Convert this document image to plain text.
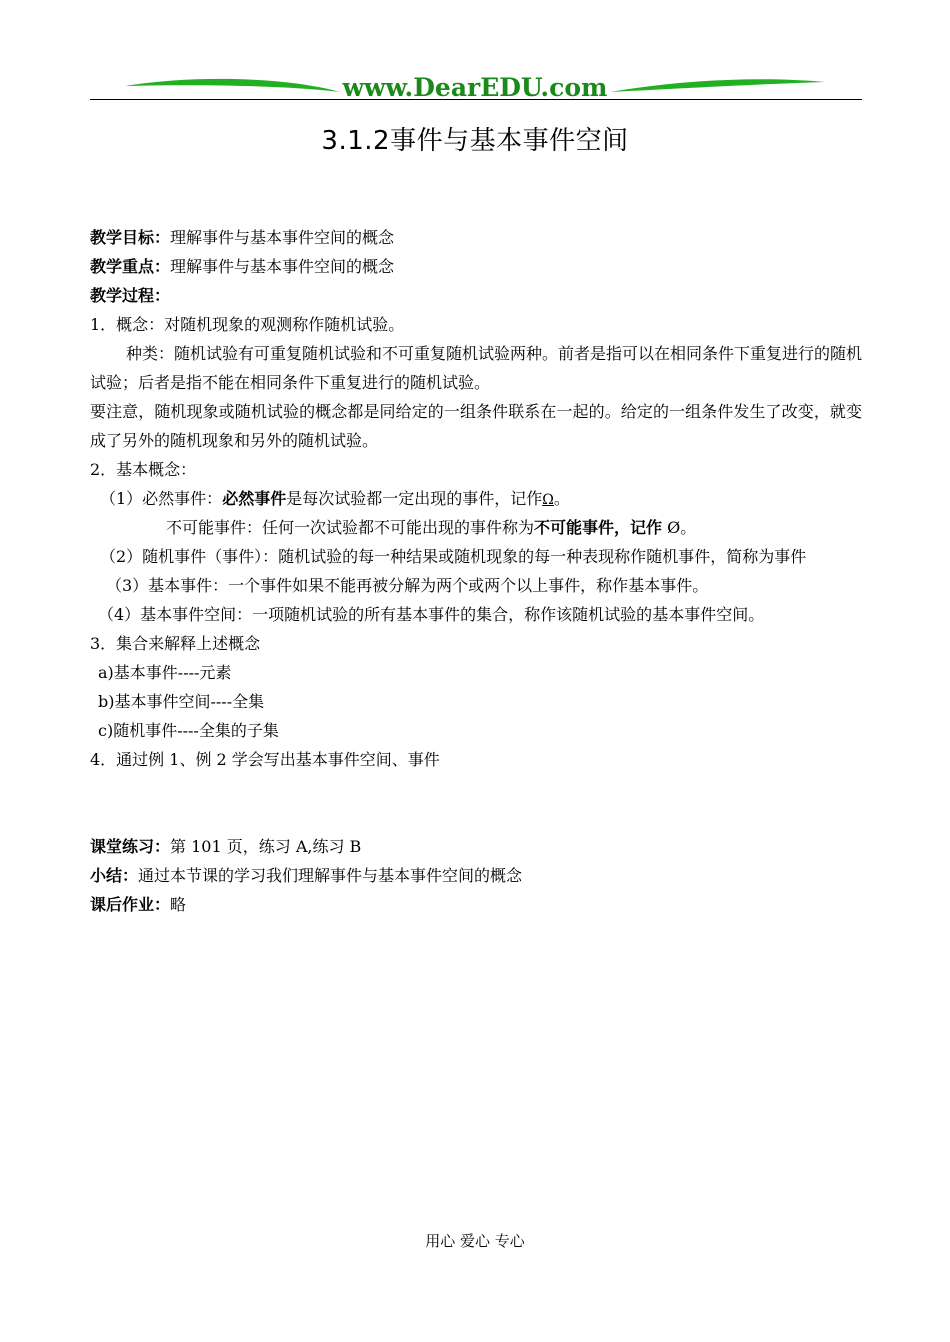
www.DearEDU.com
3.1.2事件与基本事件空间
教学目标：理解事件与基本事件空间的概念
教学重点：理解事件与基本事件空间的概念
教学过程：
1．概念：对随机现象的观测称作随机试验。
种类：随机试验有可重复随机试验和不可重复随机试验两种。前者是指可以在相同条件下重复进行的随机试验；后者是指不能在相同条件下重复进行的随机试验。
要注意，随机现象或随机试验的概念都是同给定的一组条件联系在一起的。给定的一组条件发生了改变，就变成了另外的随机现象和另外的随机试验。
2．基本概念：
（1）必然事件：必然事件是每次试验都一定出现的事件，记作Ω。
不可能事件：任何一次试验都不可能出现的事件称为不可能事件，记作 Ø。
（2）随机事件（事件）：随机试验的每一种结果或随机现象的每一种表现称作随机事件，简称为事件
（3）基本事件：一个事件如果不能再被分解为两个或两个以上事件，称作基本事件。
（4）基本事件空间：一项随机试验的所有基本事件的集合，称作该随机试验的基本事件空间。
3．集合来解释上述概念
a)基本事件----元素
b)基本事件空间----全集
c)随机事件----全集的子集
4．通过例 1、例 2 学会写出基本事件空间、事件
课堂练习：第 101 页，练习 A,练习 B
小结：通过本节课的学习我们理解事件与基本事件空间的概念
课后作业：略
用心 爱心 专心
